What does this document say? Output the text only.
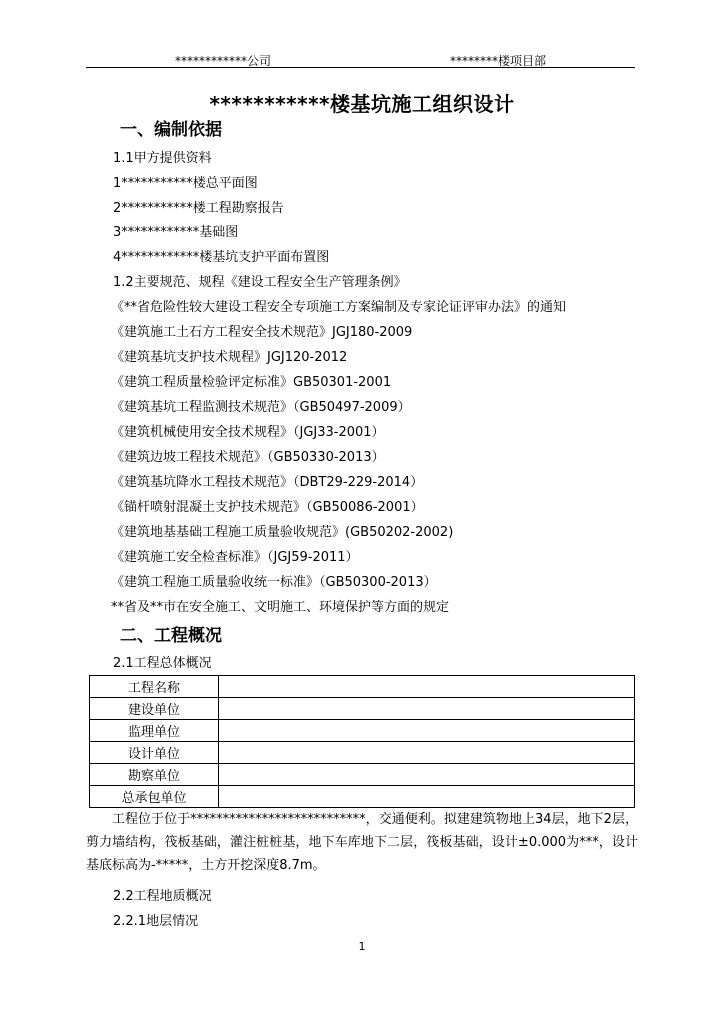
************公司	********楼项目部
***********楼基坑施工组织设计
一、编制依据
1.1甲方提供资料
1***********楼总平面图
2***********楼工程勘察报告
3************基础图
4************楼基坑支护平面布置图
1.2主要规范、规程《建设工程安全生产管理条例》
《**省危险性较大建设工程安全专项施工方案编制及专家论证评审办法》的通知
《建筑施工土石方工程安全技术规范》JGJ180-2009
《建筑基坑支护技术规程》JGJ120-2012
《建筑工程质量检验评定标准》GB50301-2001
《建筑基坑工程监测技术规范》（GB50497-2009）
《建筑机械使用安全技术规程》（JGJ33-2001）
《建筑边坡工程技术规范》（GB50330-2013）
《建筑基坑降水工程技术规范》（DBT29-229-2014）
《锚杆喷射混凝土支护技术规范》（GB50086-2001）
《建筑地基基础工程施工质量验收规范》(GB50202-2002)
《建筑施工安全检查标准》（JGJ59-2011）
《建筑工程施工质量验收统一标准》（GB50300-2013）
**省及**市在安全施工、文明施工、环境保护等方面的规定
二、工程概况
2.1工程总体概况
工程名称	
建设单位	
监理单位	
设计单位	
勘察单位	
总承包单位	
工程位于位于***************************，交通便利。拟建建筑物地上34层，地下2层，剪力墙结构，筏板基础，灌注桩桩基，地下车库地下二层，筏板基础，设计±0.000为***，设计基底标高为-*****，土方开挖深度8.7m。
2.2工程地质概况
2.2.1地层情况
1
